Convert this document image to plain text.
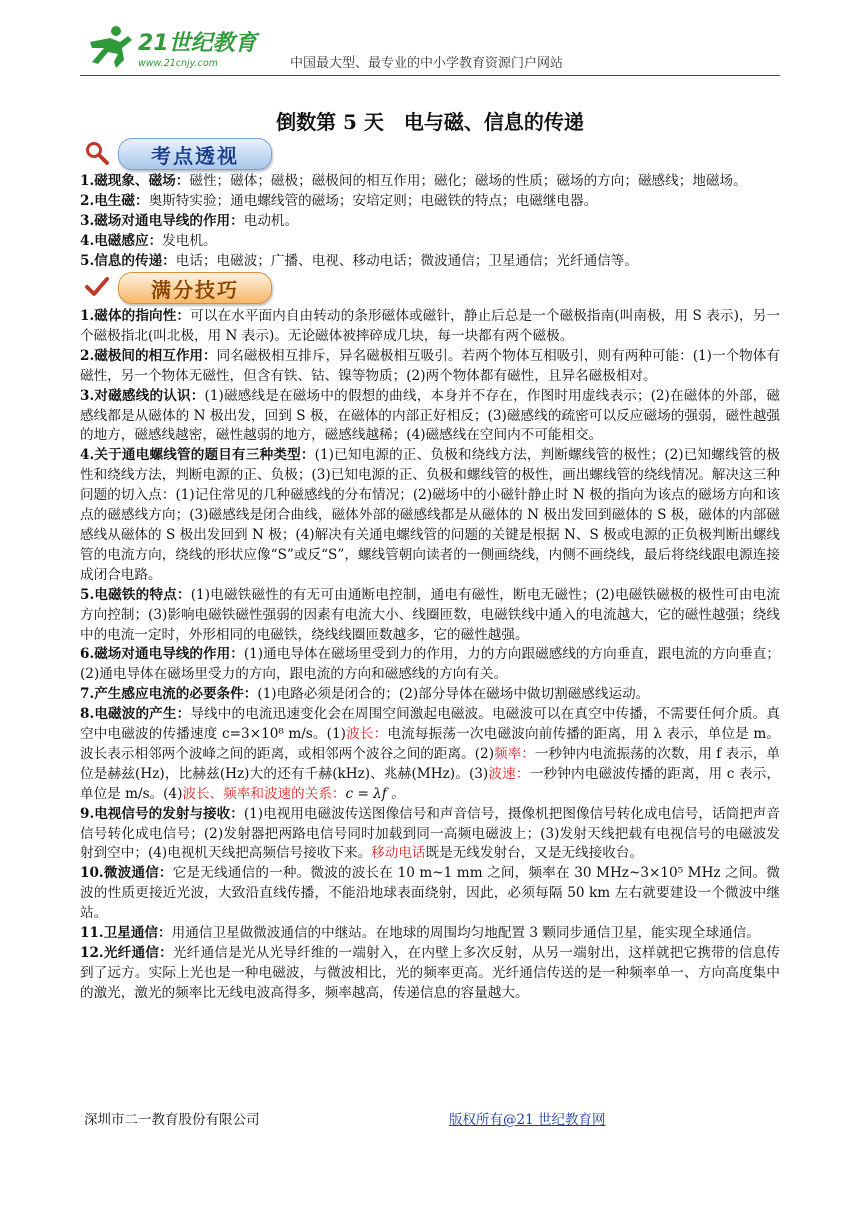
21世纪教育
www.21cnjy.com	中国最大型、最专业的中小学教育资源门户网站
倒数第 5 天　电与磁、信息的传递
考点透视

1.磁现象、磁场：磁性；磁体；磁极；磁极间的相互作用；磁化；磁场的性质；磁场的方向；磁感线；地磁场。

2.电生磁：奥斯特实验；通电螺线管的磁场；安培定则；电磁铁的特点；电磁继电器。

3.磁场对通电导线的作用：电动机。

4.电磁感应：发电机。

5.信息的传递：电话；电磁波；广播、电视、移动电话；微波通信；卫星通信；光纤通信等。

满分技巧

1.磁体的指向性：可以在水平面内自由转动的条形磁体或磁针，静止后总是一个磁极指南(叫南极，用 S 表示)，另一个磁极指北(叫北极，用 N 表示)。无论磁体被摔碎成几块，每一块都有两个磁极。

2.磁极间的相互作用：同名磁极相互排斥，异名磁极相互吸引。若两个物体互相吸引，则有两种可能：(1)一个物体有磁性，另一个物体无磁性，但含有铁、钴、镍等物质；(2)两个物体都有磁性，且异名磁极相对。

3.对磁感线的认识：(1)磁感线是在磁场中的假想的曲线，本身并不存在，作图时用虚线表示；(2)在磁体的外部，磁感线都是从磁体的 N 极出发，回到 S 极，在磁体的内部正好相反；(3)磁感线的疏密可以反应磁场的强弱，磁性越强的地方，磁感线越密，磁性越弱的地方，磁感线越稀；(4)磁感线在空间内不可能相交。

4.关于通电螺线管的题目有三种类型：(1)已知电源的正、负极和绕线方法，判断螺线管的极性；(2)已知螺线管的极性和绕线方法，判断电源的正、负极；(3)已知电源的正、负极和螺线管的极性，画出螺线管的绕线情况。解决这三种问题的切入点：(1)记住常见的几种磁感线的分布情况；(2)磁场中的小磁针静止时 N 极的指向为该点的磁场方向和该点的磁感线方向；(3)磁感线是闭合曲线，磁体外部的磁感线都是从磁体的 N 极出发回到磁体的 S 极，磁体的内部磁感线从磁体的 S 极出发回到 N 极；(4)解决有关通电螺线管的问题的关键是根据 N、S 极或电源的正负极判断出螺线管的电流方向，绕线的形状应像“S”或反“S”，螺线管朝向读者的一侧画绕线，内侧不画绕线，最后将绕线跟电源连接成闭合电路。

5.电磁铁的特点：(1)电磁铁磁性的有无可由通断电控制，通电有磁性，断电无磁性；(2)电磁铁磁极的极性可由电流方向控制；(3)影响电磁铁磁性强弱的因素有电流大小、线圈匝数，电磁铁线中通入的电流越大，它的磁性越强；绕线中的电流一定时，外形相同的电磁铁，绕线线圈匝数越多，它的磁性越强。

6.磁场对通电导线的作用：(1)通电导体在磁场里受到力的作用，力的方向跟磁感线的方向垂直，跟电流的方向垂直；(2)通电导体在磁场里受力的方向，跟电流的方向和磁感线的方向有关。

7.产生感应电流的必要条件：(1)电路必须是闭合的；(2)部分导体在磁场中做切割磁感线运动。

8.电磁波的产生：导线中的电流迅速变化会在周围空间激起电磁波。电磁波可以在真空中传播，不需要任何介质。真空中电磁波的传播速度 c=3×10⁸ m/s。(1)波长：电流每振荡一次电磁波向前传播的距离，用 λ 表示，单位是 m。波长表示相邻两个波峰之间的距离，或相邻两个波谷之间的距离。(2)频率：一秒钟内电流振荡的次数，用 f 表示，单位是赫兹(Hz)，比赫兹(Hz)大的还有千赫(kHz)、兆赫(MHz)。(3)波速：一秒钟内电磁波传播的距离，用 c 表示，单位是 m/s。(4)波长、频率和波速的关系：c = λf 。

9.电视信号的发射与接收：(1)电视用电磁波传送图像信号和声音信号，摄像机把图像信号转化成电信号，话筒把声音信号转化成电信号；(2)发射器把两路电信号同时加载到同一高频电磁波上；(3)发射天线把载有电视信号的电磁波发射到空中；(4)电视机天线把高频信号接收下来。移动电话既是无线发射台，又是无线接收台。

10.微波通信：它是无线通信的一种。微波的波长在 10 m~1 mm 之间，频率在 30 MHz~3×10⁵ MHz 之间。微波的性质更接近光波，大致沿直线传播，不能沿地球表面绕射，因此，必须每隔 50 km 左右就要建设一个微波中继站。

11.卫星通信：用通信卫星做微波通信的中继站。在地球的周围均匀地配置 3 颗同步通信卫星，能实现全球通信。

12.光纤通信：光纤通信是光从光导纤维的一端射入，在内壁上多次反射，从另一端射出，这样就把它携带的信息传到了远方。实际上光也是一种电磁波，与微波相比，光的频率更高。光纤通信传送的是一种频率单一、方向高度集中的激光，激光的频率比无线电波高得多，频率越高，传递信息的容量越大。

深圳市二一教育股份有限公司	版权所有@21 世纪教育网
